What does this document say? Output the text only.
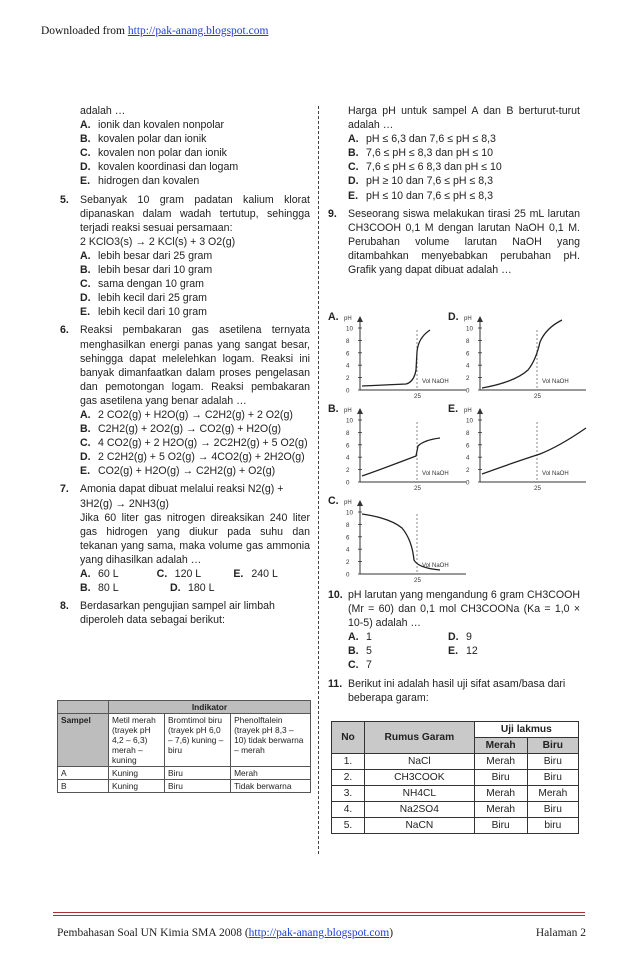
Downloaded from http://pak-anang.blogspot.com
adalah …
A. ionik dan kovalen nonpolar
B. kovalen polar dan ionik
C. kovalen non polar dan ionik
D. kovalen koordinasi dan logam
E. hidrogen dan kovalen
5. Sebanyak 10 gram padatan kalium klorat dipanaskan dalam wadah tertutup, sehingga terjadi reaksi sesuai persamaan:
2 KClO3(s) → 2 KCl(s) + 3 O2(g)
A. lebih besar dari 25 gram
B. lebih besar dari 10 gram
C. sama dengan 10 gram
D. lebih kecil dari 25 gram
E. lebih kecil dari 10 gram
6. Reaksi pembakaran gas asetilena ternyata menghasilkan energi panas yang sangat besar, sehingga dapat melelehkan logam. Reaksi ini banyak dimanfaatkan dalam proses pengelasan dan pemotongan logam. Reaksi pembakaran gas asetilena yang benar adalah …
A. 2 CO2(g) + H2O(g) → C2H2(g) + 2 O2(g)
B. C2H2(g) + 2O2(g) → CO2(g) + H2O(g)
C. 4 CO2(g) + 2 H2O(g) → 2C2H2(g) + 5 O2(g)
D. 2 C2H2(g) + 5 O2(g) → 4CO2(g) + 2H2O(g)
E. CO2(g) + H2O(g) → C2H2(g) + O2(g)
7. Amonia dapat dibuat melalui reaksi N2(g) + 3H2(g) → 2NH3(g)
Jika 60 liter gas nitrogen direaksikan 240 liter gas hidrogen yang diukur pada suhu dan tekanan yang sama, maka volume gas ammonia yang dihasilkan adalah …
A. 60 L	C. 120 L	E. 240 L
B. 80 L	D. 180 L
8. Berdasarkan pengujian sampel air limbah diperoleh data sebagai berikut:
	Indikator		
Sampel	Metil merah (trayek pH 4,2 – 6,3) merah – kuning	Bromtimol biru (trayek pH 6,0 – 7,6) kuning – biru	Phenolftalein (trayek pH 8,3 – 10) tidak berwarna – merah
A	Kuning	Biru	Merah
B	Kuning	Biru	Tidak berwarna
Harga pH untuk sampel A dan B berturut-turut adalah …
A. pH ≤ 6,3 dan 7,6 ≤ pH ≤ 8,3
B. 7,6 ≤ pH ≤ 8,3 dan pH ≤ 10
C. 7,6 ≤ pH ≤ 6 8,3 dan pH ≤ 10
D. pH ≥ 10 dan 7,6 ≤ pH ≤ 8,3
E. pH ≤ 10 dan 7,6 ≤ pH ≤ 8,3
9. Seseorang siswa melakukan tirasi 25 mL larutan CH3COOH 0,1 M dengan larutan NaOH 0,1 M. Perubahan volume larutan NaOH yang ditambahkan menyebabkan perubahan pH. Grafik yang dapat dibuat adalah …
A. pH
10
8
6
4
2
0
25
Vol NaOH
D. pH
10
8
6
4
2
0
25
Vol NaOH
B. pH
10
8
6
4
2
0
25
Vol NaOH
E. pH
10
8
6
4
2
0
25
Vol NaOH
C. pH
10
8
6
4
2
0
25
Vol NaOH
10. pH larutan yang mengandung 6 gram CH3COOH (Mr = 60) dan 0,1 mol CH3COONa (Ka = 1,0 × 10-5) adalah …
A. 1	D. 9
B. 5	E. 12
C. 7
11. Berikut ini adalah hasil uji sifat asam/basa dari beberapa garam:
No	Rumus Garam	Uji lakmus	
		Merah	Biru
1.	NaCl	Merah	Biru
2.	CH3COOK	Biru	Biru
3.	NH4CL	Merah	Merah
4.	Na2SO4	Merah	Biru
5.	NaCN	Biru	biru
Pembahasan Soal UN Kimia SMA 2008 (http://pak-anang.blogspot.com)	Halaman 2
